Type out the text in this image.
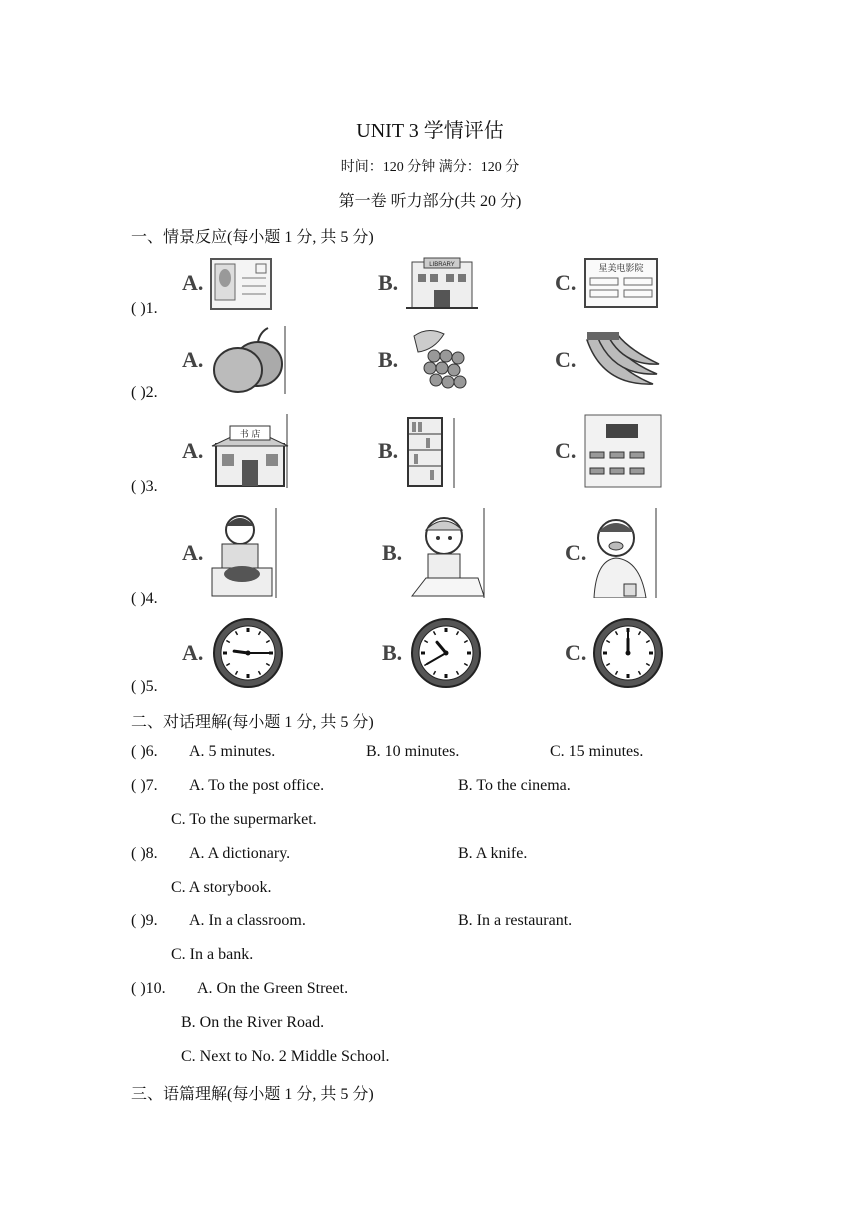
UNIT 3 学情评估
时间：120 分钟 满分：120 分
第一卷 听力部分(共 20 分)
一、情景反应(每小题 1 分, 共 5 分)
( )1.
A.	B.	C.
LIBRARY	星美电影院
( )2.
A.	B.	C.
( )3.
A.	B.	C.
书 店
( )4.
A.	B.	C.
( )5.
A.	B.	C.
二、对话理解(每小题 1 分, 共 5 分)
( )6. A. 5 minutes.	B. 10 minutes.	C. 15 minutes.
( )7. A. To the post office.	B. To the cinema.
C. To the supermarket.
( )8. A. A dictionary.	B. A knife.
C. A storybook.
( )9. A. In a classroom.	B. In a restaurant.
C. In a bank.
( )10. A. On the Green Street.
B. On the River Road.
C. Next to No. 2 Middle School.
三、语篇理解(每小题 1 分, 共 5 分)
